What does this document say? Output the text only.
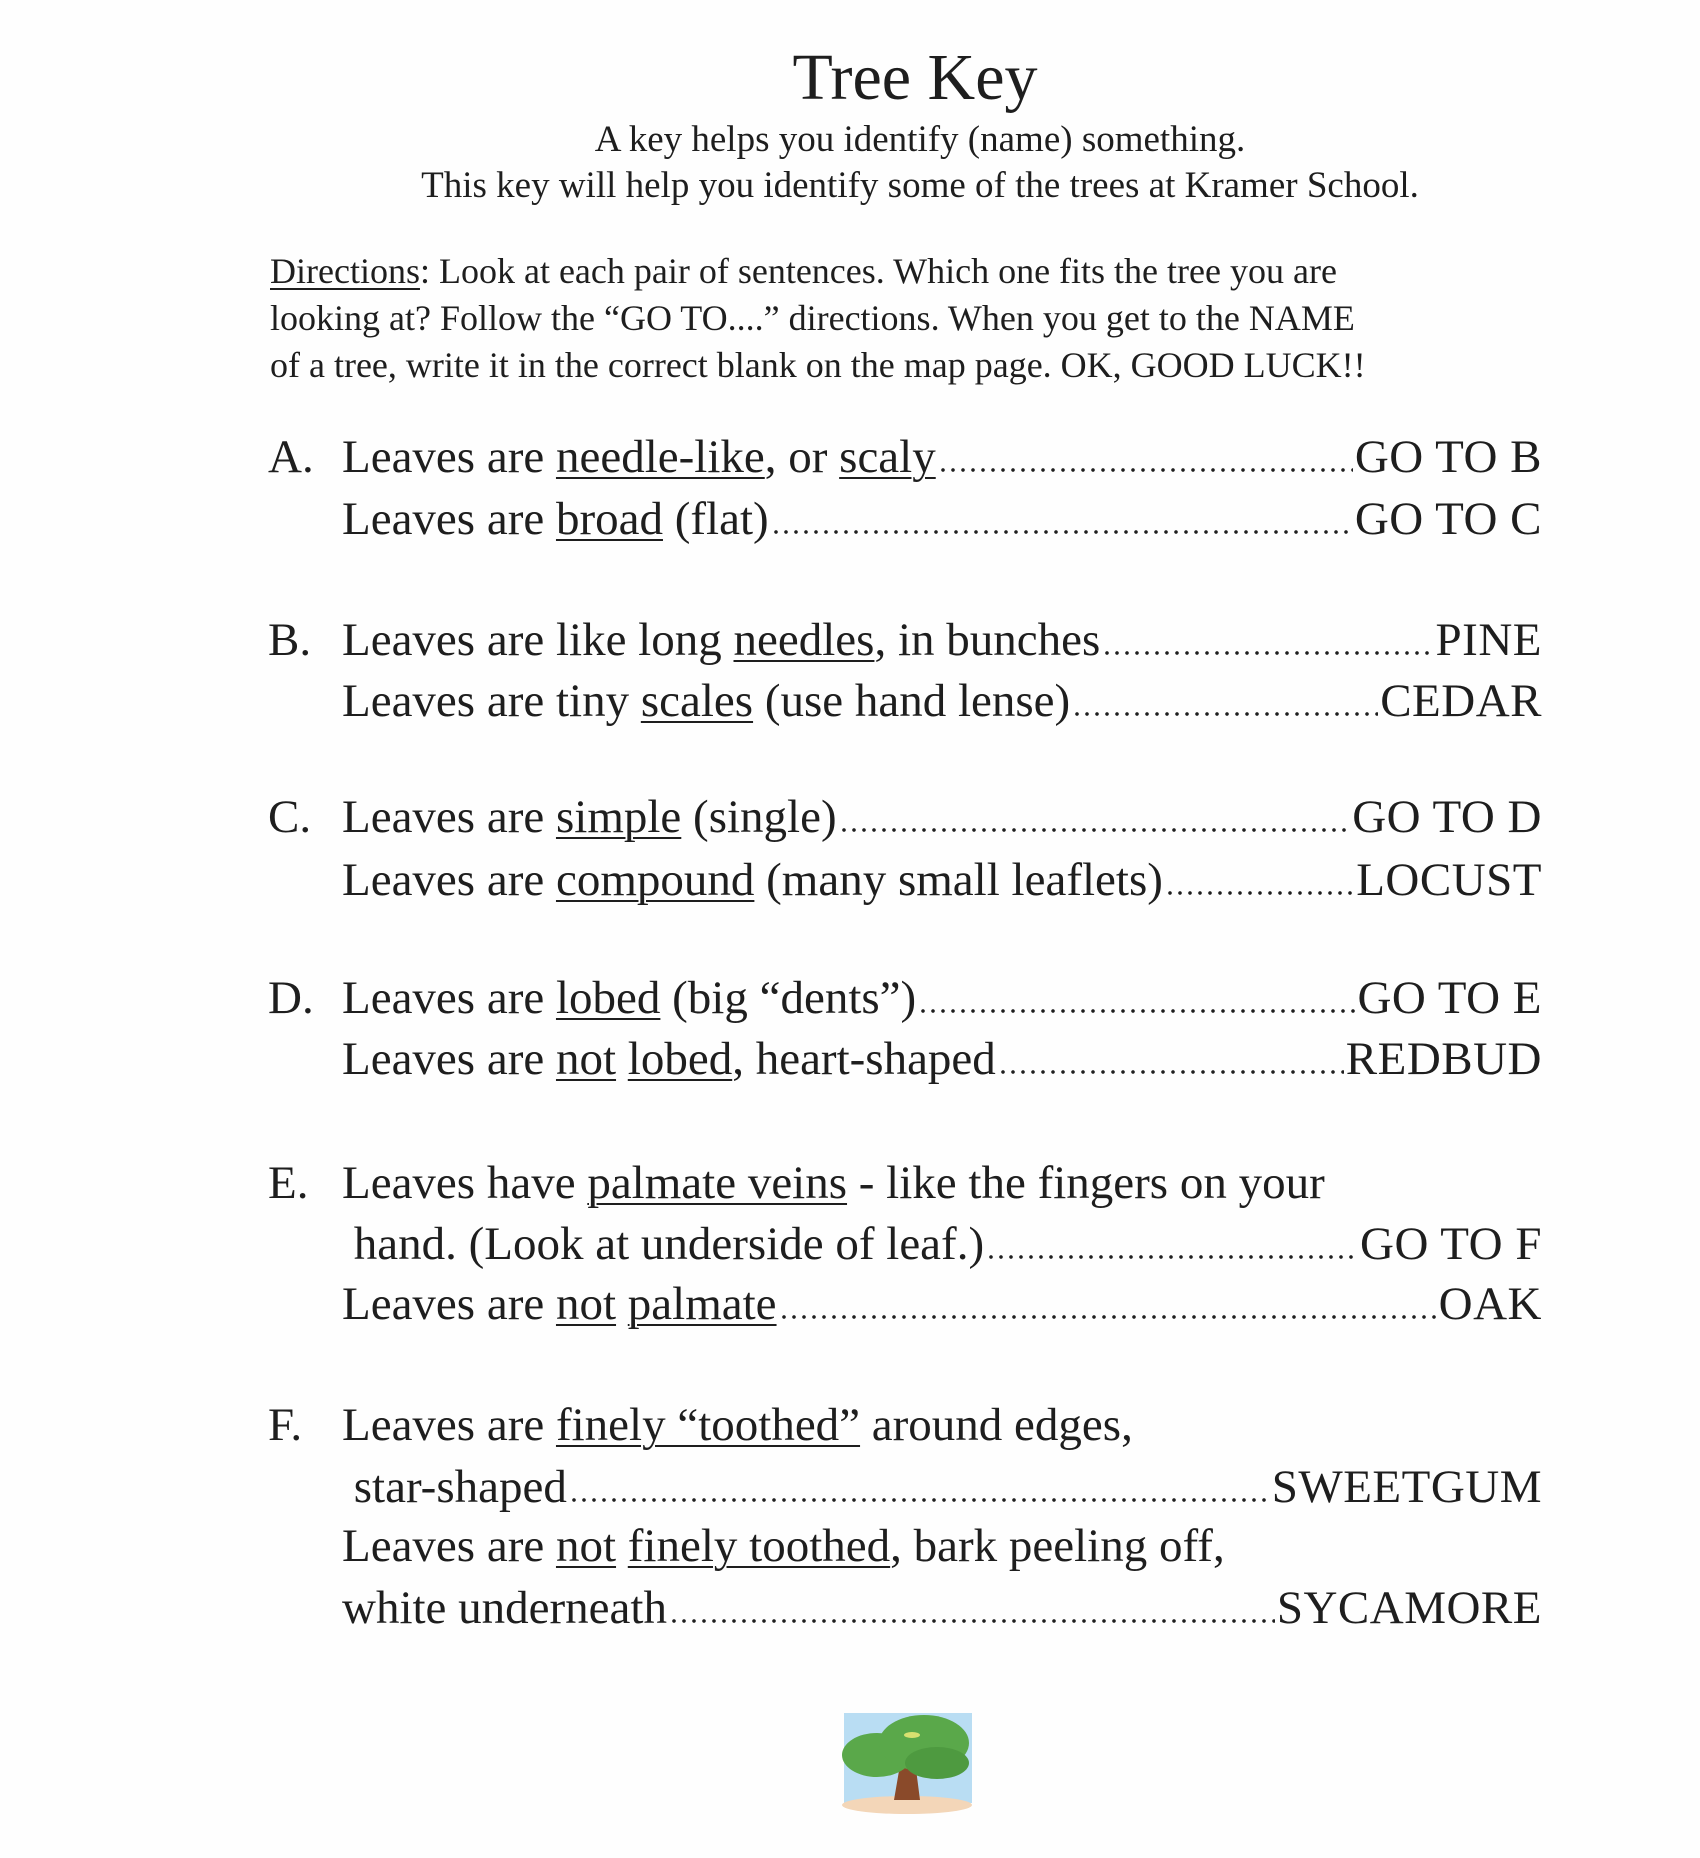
Tree Key
A key helps you identify (name) something.
This key will help you identify some of the trees at Kramer School.
Directions: Look at each pair of sentences. Which one fits the tree you are
looking at? Follow the “GO TO....” directions. When you get to the NAME
of a tree, write it in the correct blank on the map page. OK, GOOD LUCK!!
A. Leaves are needle-like , or scaly	GO TO B
Leaves are broad (flat)	GO TO C
B. Leaves are like long needles , in bunches	PINE
Leaves are tiny scales (use hand lense)	CEDAR
C. Leaves are simple (single)	GO TO D
Leaves are compound (many small leaflets)	LOCUST
D. Leaves are lobed (big “dents”)	GO TO E
Leaves are not
lobed , heart-shaped	REDBUD
E. Leaves have palmate veins - like the fingers on your
hand. (Look at underside of leaf.)	GO TO F
Leaves are not
palmate	OAK
F. Leaves are finely “toothed” around edges,
star-shaped	SWEETGUM
Leaves are not
finely toothed , bark peeling off,
white underneath	SYCAMORE
